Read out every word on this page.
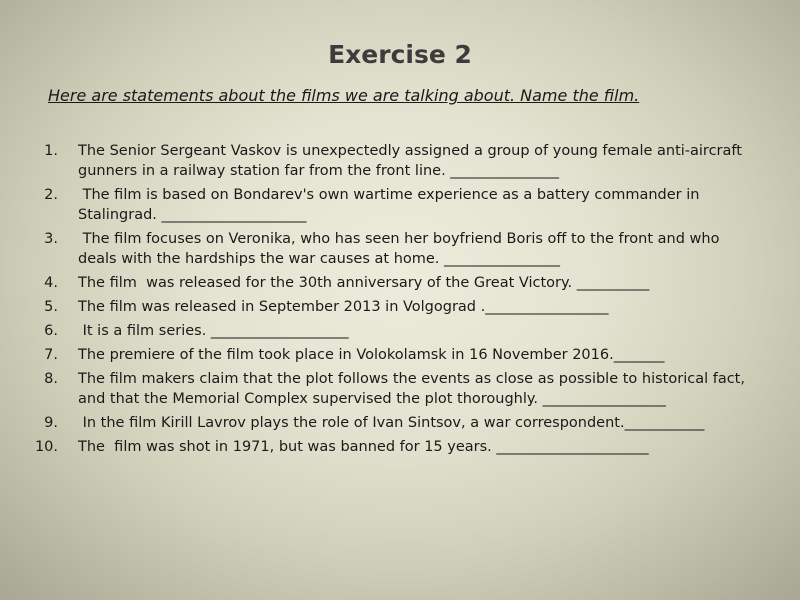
Exercise 2
Here are statements about the films we are talking about. Name the film.
1. The Senior Sergeant Vaskov is unexpectedly assigned a group of young female anti-aircraft gunners in a railway station far from the front line. _______________
2. The film is based on Bondarev's own wartime experience as a battery commander in Stalingrad. ____________________
3. The film focuses on Veronika, who has seen her boyfriend Boris off to the front and who deals with the hardships the war causes at home. ________________
4. The film  was released for the 30th anniversary of the Great Victory. __________
5. The film was released in September 2013 in Volgograd ._________________
6. It is a film series. ___________________
7. The premiere of the film took place in Volokolamsk in 16 November 2016._______
8. The film makers claim that the plot follows the events as close as possible to historical fact, and that the Memorial Complex supervised the plot thoroughly. _________________
9. In the film Kirill Lavrov plays the role of Ivan Sintsov, a war correspondent.___________
10. The  film was shot in 1971, but was banned for 15 years. _____________________
